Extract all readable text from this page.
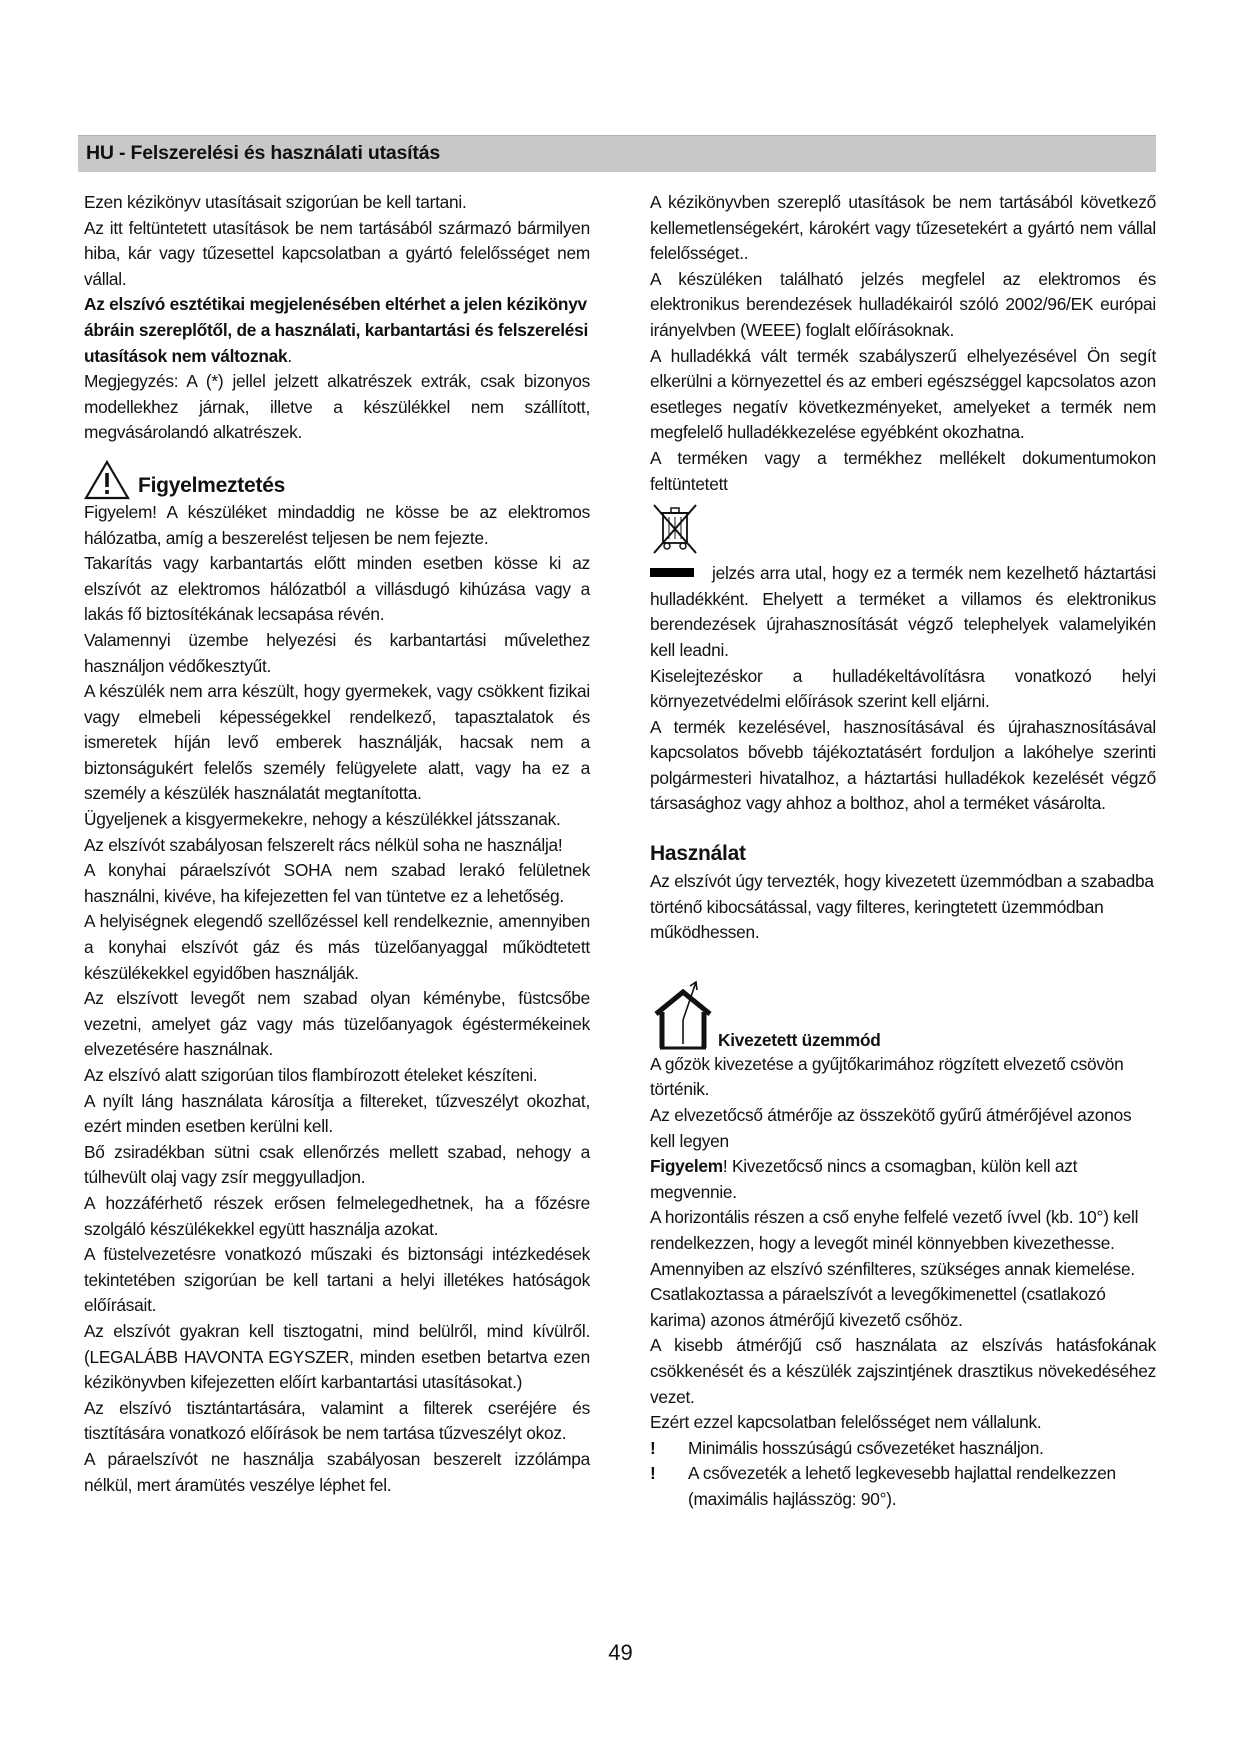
HU - Felszerelési és használati utasítás

Ezen kézikönyv utasításait szigorúan be kell tartani.

Az itt feltüntetett utasítások be nem tartásából származó bármilyen hiba, kár vagy tűzesettel kapcsolatban a gyártó felelősséget nem vállal.

Az elszívó esztétikai megjelenésében eltérhet a jelen kézikönyv ábráin szereplőtől, de a használati, karbantartási és felszerelési utasítások nem változnak.

Megjegyzés: A (*) jellel jelzett alkatrészek extrák, csak bizonyos modellekhez járnak, illetve a készülékkel nem szállított, megvásárolandó alkatrészek.

Figyelmeztetés

Figyelem! A készüléket mindaddig ne kösse be az elektromos hálózatba, amíg a beszerelést teljesen be nem fejezte.

Takarítás vagy karbantartás előtt minden esetben kösse ki az elszívót az elektromos hálózatból a villásdugó kihúzása vagy a lakás fő biztosítékának lecsapása révén.

Valamennyi üzembe helyezési és karbantartási művelethez használjon védőkesztyűt.

A készülék nem arra készült, hogy gyermekek, vagy csökkent fizikai vagy elmebeli képességekkel rendelkező, tapasztalatok és ismeretek híján levő emberek használják, hacsak nem a biztonságukért felelős személy felügyelete alatt, vagy ha ez a személy a készülék használatát megtanította.

Ügyeljenek a kisgyermekekre, nehogy a készülékkel játsszanak.

Az elszívót szabályosan felszerelt rács nélkül soha ne használja!

A konyhai páraelszívót SOHA nem szabad lerakó felületnek használni, kivéve, ha kifejezetten fel van tüntetve ez a lehetőség.

A helyiségnek elegendő szellőzéssel kell rendelkeznie, amennyiben a konyhai elszívót gáz és más tüzelőanyaggal működtetett készülékekkel egyidőben használják.

Az elszívott levegőt nem szabad olyan kéménybe, füstcsőbe vezetni, amelyet gáz vagy más tüzelőanyagok égéstermékeinek elvezetésére használnak.

Az elszívó alatt szigorúan tilos flambírozott ételeket készíteni.

A nyílt láng használata károsítja a filtereket, tűzveszélyt okozhat, ezért minden esetben kerülni kell.

Bő zsiradékban sütni csak ellenőrzés mellett szabad, nehogy a túlhevült olaj vagy zsír meggyulladjon.

A hozzáférhető részek erősen felmelegedhetnek, ha a főzésre szolgáló készülékekkel együtt használja azokat.

A füstelvezetésre vonatkozó műszaki és biztonsági intézkedések tekintetében szigorúan be kell tartani a helyi illetékes hatóságok előírásait.

Az elszívót gyakran kell tisztogatni, mind belülről, mind kívülről. (LEGALÁBB HAVONTA EGYSZER, minden esetben betartva ezen kézikönyvben kifejezetten előírt karbantartási utasításokat.)

Az elszívó tisztántartására, valamint a filterek cseréjére és tisztítására vonatkozó előírások be nem tartása tűzveszélyt okoz.

A páraelszívót ne használja szabályosan beszerelt izzólámpa nélkül, mert áramütés veszélye léphet fel.

A kézikönyvben szereplő utasítások be nem tartásából következő kellemetlenségekért, károkért vagy tűzesetekért a gyártó nem vállal felelősséget..

A készüléken található jelzés megfelel az elektromos és elektronikus berendezések hulladékairól szóló 2002/96/EK európai irányelvben (WEEE) foglalt előírásoknak.

A hulladékká vált termék szabályszerű elhelyezésével Ön segít elkerülni a környezettel és az emberi egészséggel kapcsolatos azon esetleges negatív következményeket, amelyeket a termék nem megfelelő hulladékkezelése egyébként okozhatna.

A terméken vagy a termékhez mellékelt dokumentumokon feltüntetett

jelzés arra utal, hogy ez a termék nem kezelhető háztartási hulladékként. Ehelyett a terméket a villamos és elektronikus berendezések újrahasznosítását végző telephelyek valamelyikén kell leadni.

Kiselejtezéskor a hulladékeltávolításra vonatkozó helyi környezetvédelmi előírások szerint kell eljárni.

A termék kezelésével, hasznosításával és újrahasznosításával kapcsolatos bővebb tájékoztatásért forduljon a lakóhelye szerinti polgármesteri hivatalhoz, a háztartási hulladékok kezelését végző társasághoz vagy ahhoz a bolthoz, ahol a terméket vásárolta.

Használat

Az elszívót úgy tervezték, hogy kivezetett üzemmódban a szabadba történő kibocsátással, vagy filteres, keringtetett üzemmódban működhessen.

Kivezetett üzemmód

A gőzök kivezetése a gyűjtőkarimához rögzített elvezető csövön történik.

Az elvezetőcső átmérője az összekötő gyűrű átmérőjével azonos kell legyen

Figyelem! Kivezetőcső nincs a csomagban, külön kell azt megvennie.

A horizontális részen a cső enyhe felfelé vezető ívvel (kb. 10°) kell rendelkezzen, hogy a levegőt minél könnyebben kivezethesse.

Amennyiben az elszívó szénfilteres, szükséges annak kiemelése.

Csatlakoztassa a páraelszívót a levegőkimenettel (csatlakozó karima) azonos átmérőjű kivezető csőhöz.

A kisebb átmérőjű cső használata az elszívás hatásfokának csökkenését és a készülék zajszintjének drasztikus növekedéséhez vezet.

Ezért ezzel kapcsolatban felelősséget nem vállalunk.

!	Minimális hosszúságú csővezetéket használjon.
!	A csővezeték a lehető legkevesebb hajlattal rendelkezzen (maximális hajlásszög: 90°).
49
